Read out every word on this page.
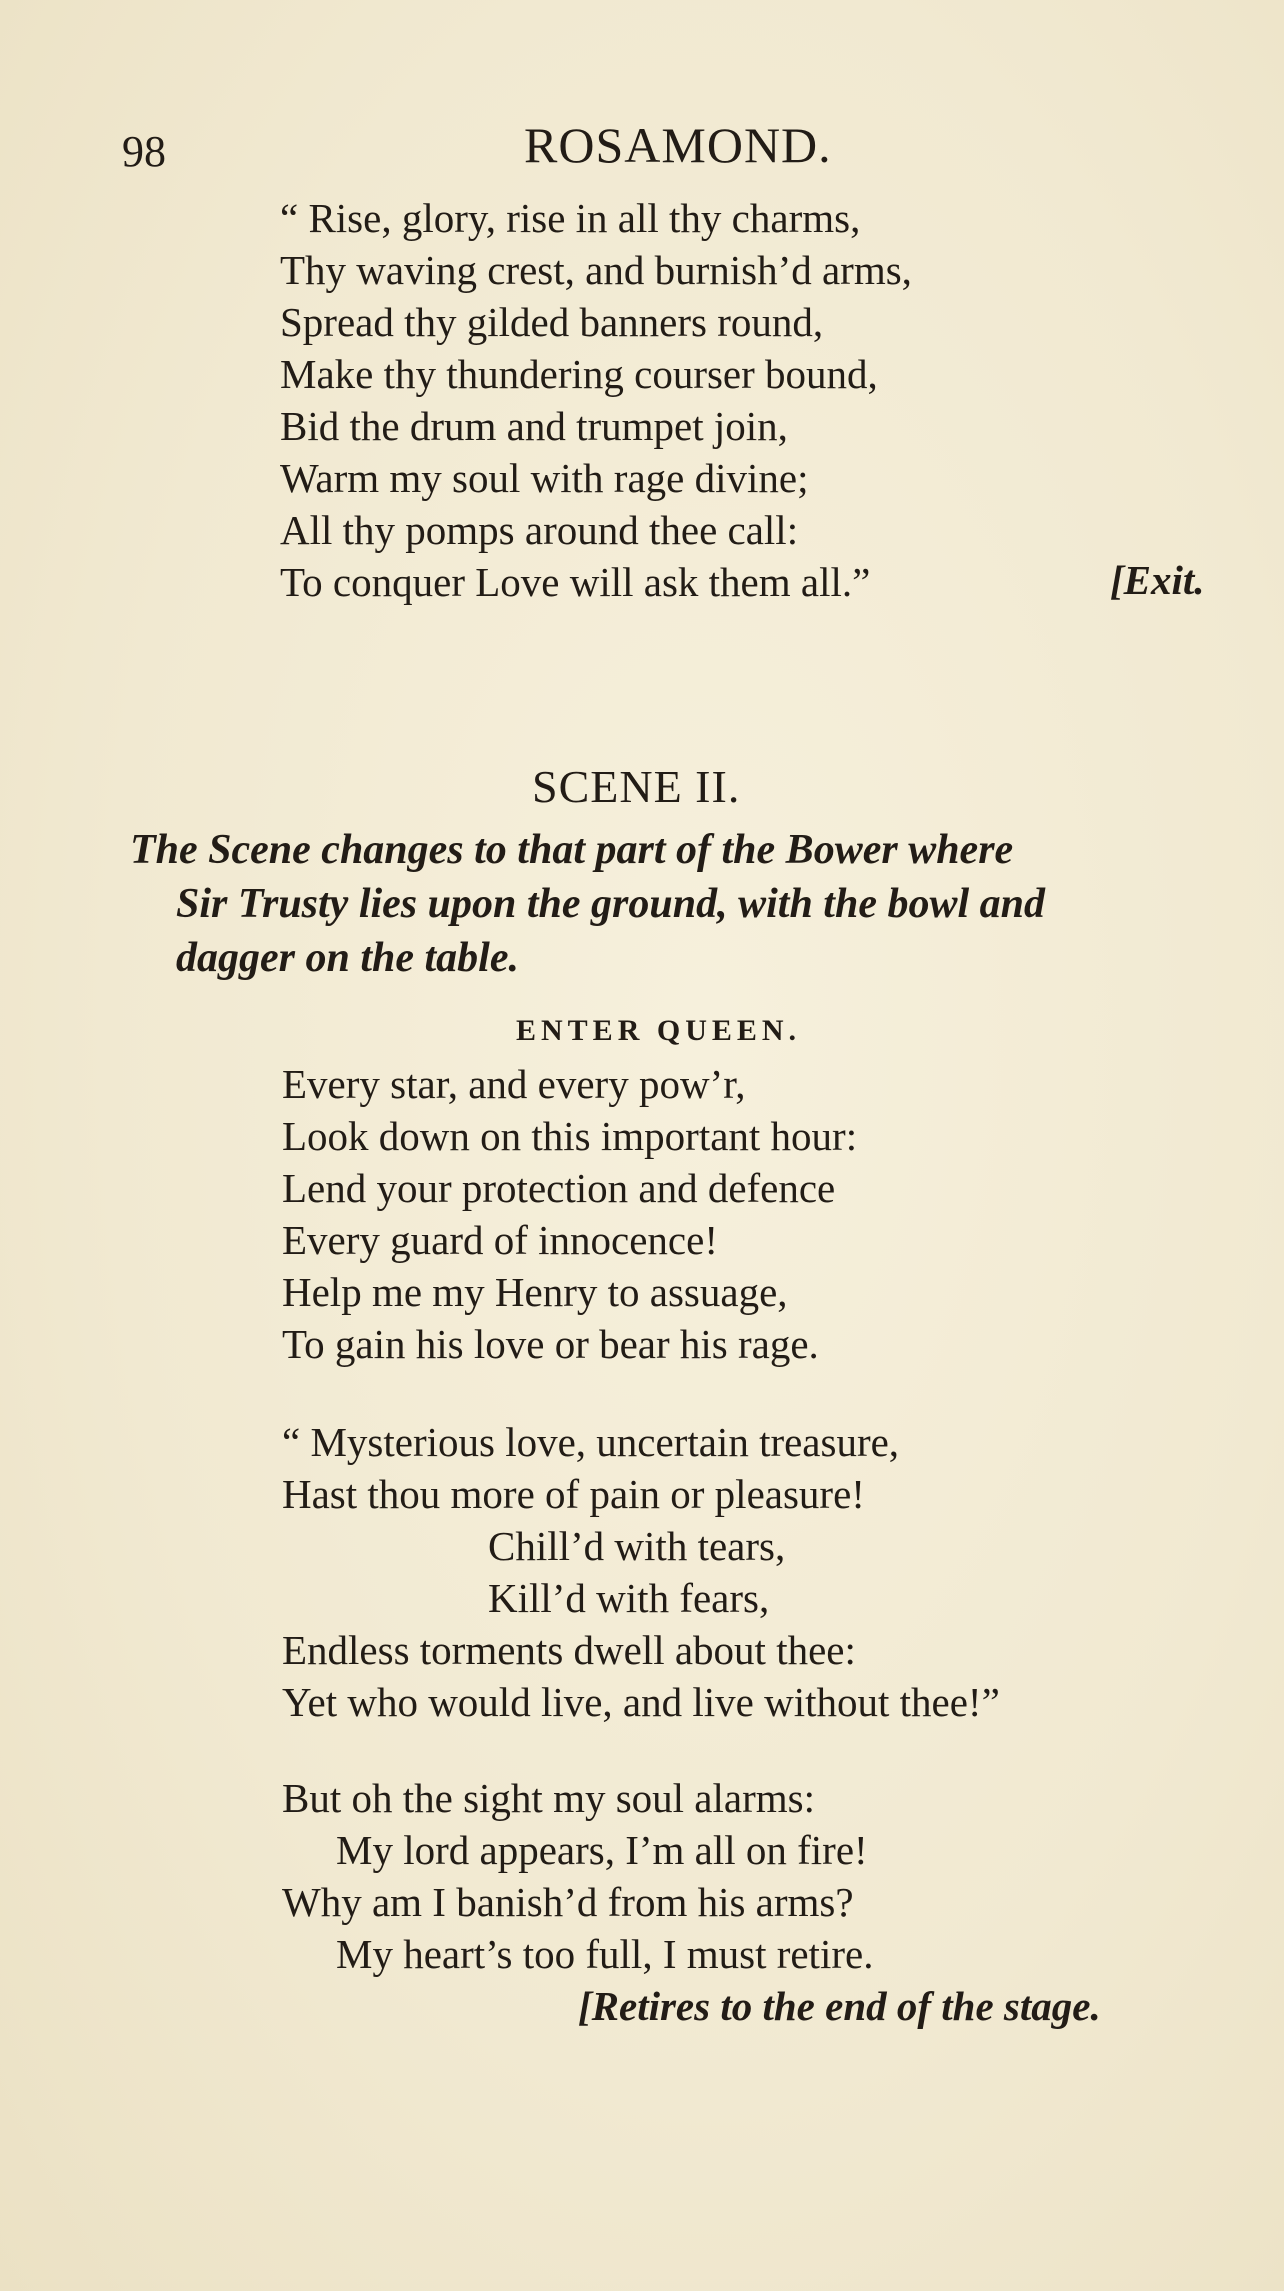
98	ROSAMOND.
“ Rise, glory, rise in all thy charms,
Thy waving crest, and burnish’d arms,
Spread thy gilded banners round,
Make thy thundering courser bound,
Bid the drum and trumpet join,
Warm my soul with rage divine;
All thy pomps around thee call:
To conquer Love will ask them all.”	[Exit.
SCENE II.
The Scene changes to that part of the Bower where
Sir Trusty lies upon the ground, with the bowl and
dagger on the table.
ENTER QUEEN.
Every star, and every pow’r,
Look down on this important hour:
Lend your protection and defence
Every guard of innocence!
Help me my Henry to assuage,
To gain his love or bear his rage.
“ Mysterious love, uncertain treasure,
Hast thou more of pain or pleasure!
Chill’d with tears,
Kill’d with fears,
Endless torments dwell about thee:
Yet who would live, and live without thee!”
But oh the sight my soul alarms:
My lord appears, I’m all on fire!
Why am I banish’d from his arms?
My heart’s too full, I must retire.
[Retires to the end of the stage.
